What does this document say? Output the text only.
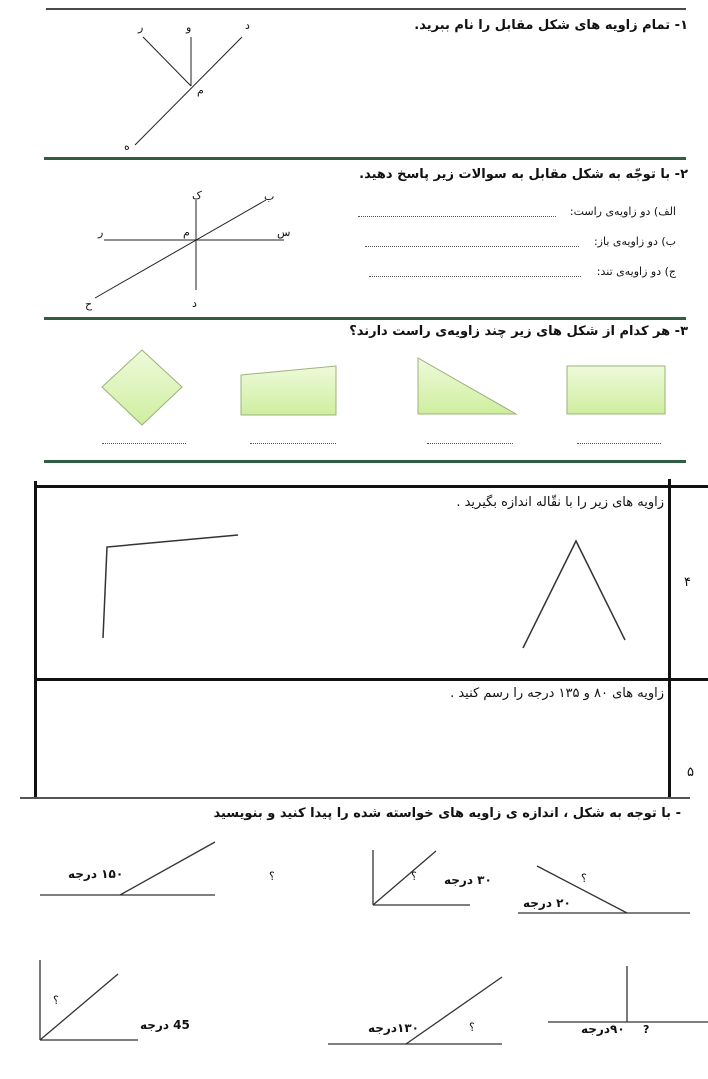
۱- تمام زاویه های شکل مقابل را نام ببرید.
ر	و	د
م
ه
۲- با توجّه به شکل مقابل به سوالات زیر پاسخ دهید.
ک	ب
ر	م	س
ح	د
الف) دو زاویه‌ی راست:
ب) دو زاویه‌ی باز:
ج) دو زاویه‌ی تند:
۳- هر کدام از شکل های زیر چند زاویه‌ی راست دارند؟
زاویه های زیر را با نقّاله اندازه بگیرید .
۴
زاویه های ۸۰ و ۱۳۵ درجه را رسم کنید .
۵
- با توجه به شکل ، اندازه ی زاویه های خواسته شده را پیدا کنید و بنویسید
۱۵۰ درجه	؟	؟ ۳۰ درجه	؟
۲۰ درجه
؟
45 درجه	۱۳۰درجه	؟	۹۰درجه ?
